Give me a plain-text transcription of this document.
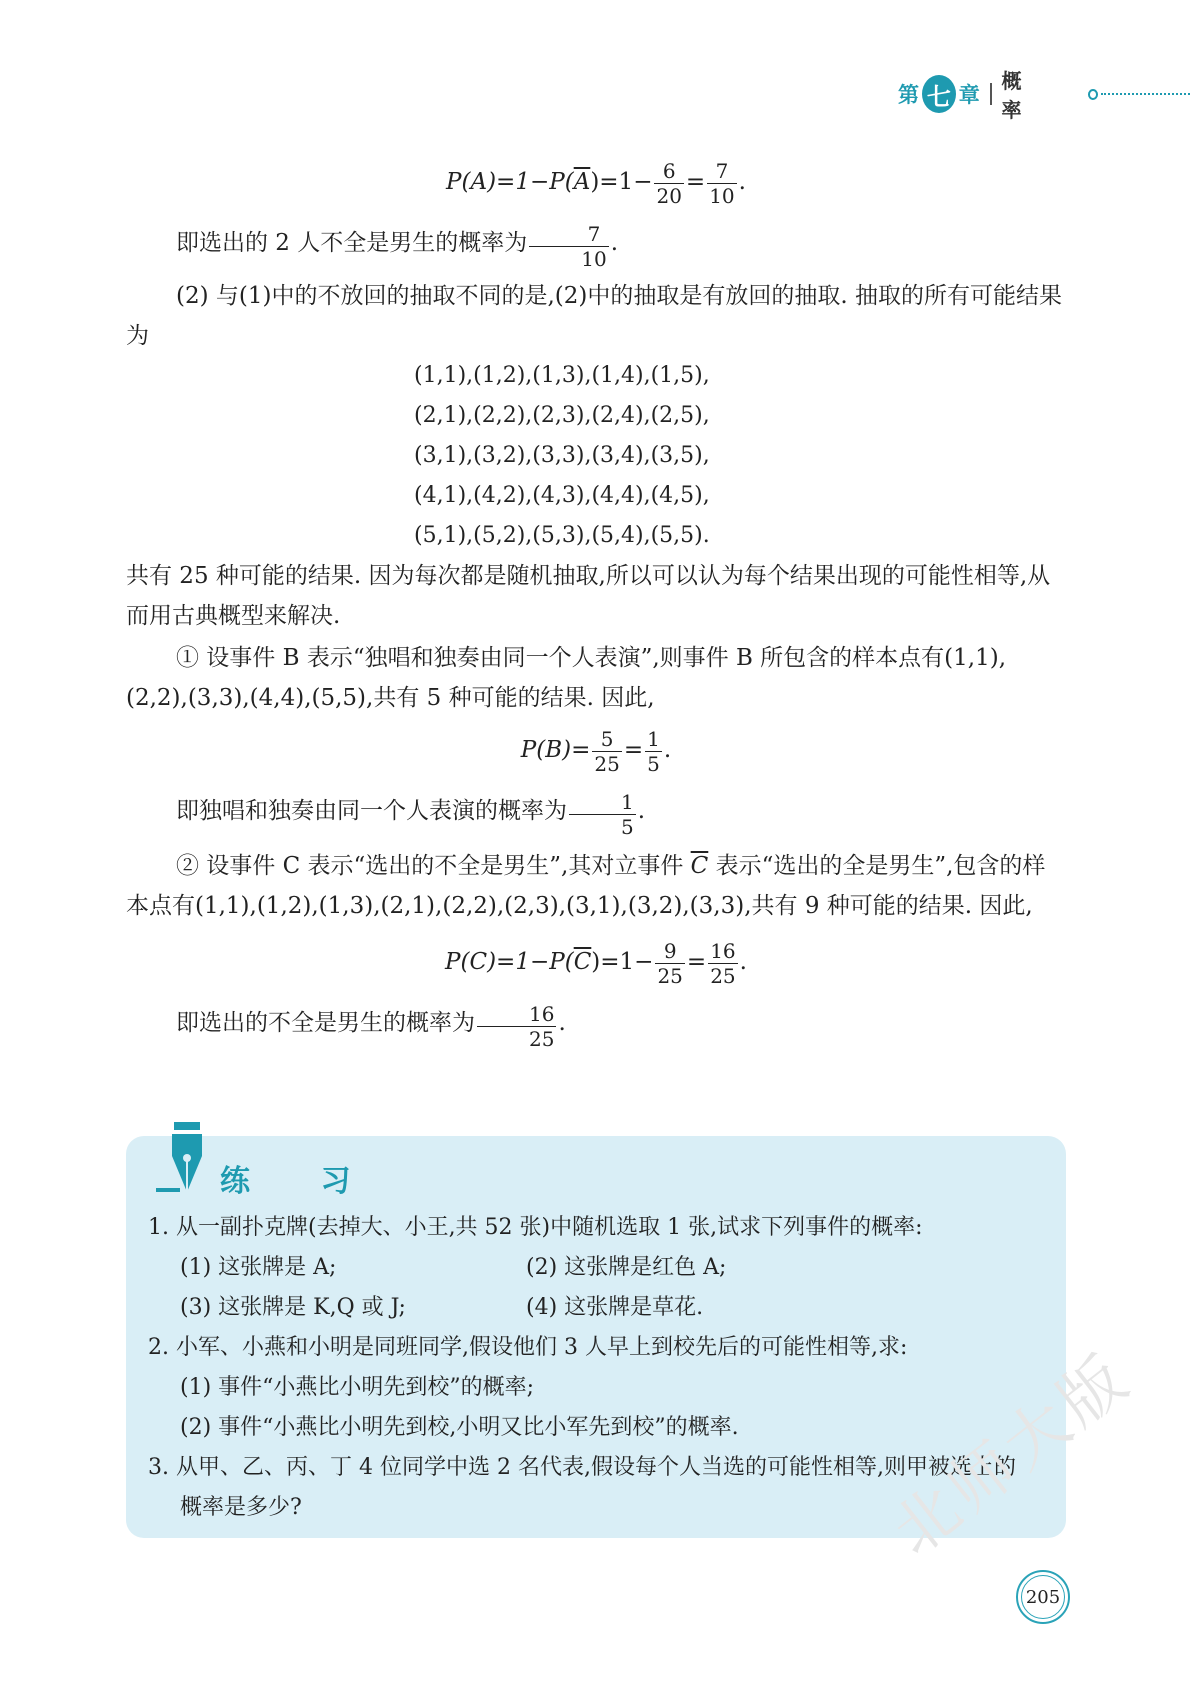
第 七 章
概 率
$P(A)=1-P(\overline{A})=1- \frac{6}{20} = \frac{7}{10}$ .

即选出的 2 人不全是男生的概率为 $\frac{7}{10}$ .

(2) 与(1)中的不放回的抽取不同的是,(2)中的抽取是有放回的抽取. 抽取的所有可能结果为

(1,1),(1,2),(1,3),(1,4),(1,5),
(2,1),(2,2),(2,3),(2,4),(2,5),
(3,1),(3,2),(3,3),(3,4),(3,5),
(4,1),(4,2),(4,3),(4,4),(4,5),
(5,1),(5,2),(5,3),(5,4),(5,5).

共有 25 种可能的结果. 因为每次都是随机抽取,所以可以认为每个结果出现的可能性相等,从而用古典概型来解决.

① 设事件 B 表示“独唱和独奏由同一个人表演”,则事件 B 所包含的样本点有(1,1),(2,2),(3,3),(4,4),(5,5),共有 5 种可能的结果. 因此,

$P(B)= \frac{5}{25} = \frac{1}{5}$ .

即独唱和独奏由同一个人表演的概率为 $\frac{1}{5}$ .

② 设事件 C 表示“选出的不全是男生”,其对立事件 $\overline{C}$ 表示“选出的全是男生”,包含的样本点有(1,1),(1,2),(1,3),(2,1),(2,2),(2,3),(3,1),(3,2),(3,3),共有 9 种可能的结果. 因此,

$P(C)=1-P(\overline{C})=1- \frac{9}{25} = \frac{16}{25}$ .

即选出的不全是男生的概率为 $\frac{16}{25}$ .

练 习

1. 从一副扑克牌(去掉大、小王,共 52 张)中随机选取 1 张,试求下列事件的概率:

(1) 这张牌是 A;	(2) 这张牌是红色 A;
(3) 这张牌是 K,Q 或 J;	(4) 这张牌是草花.

2. 小军、小燕和小明是同班同学,假设他们 3 人早上到校先后的可能性相等,求:

(1) 事件“小燕比小明先到校”的概率;

(2) 事件“小燕比小明先到校,小明又比小军先到校”的概率.

3. 从甲、乙、丙、丁 4 位同学中选 2 名代表,假设每个人当选的可能性相等,则甲被选上的

概率是多少?	北师大版
205
